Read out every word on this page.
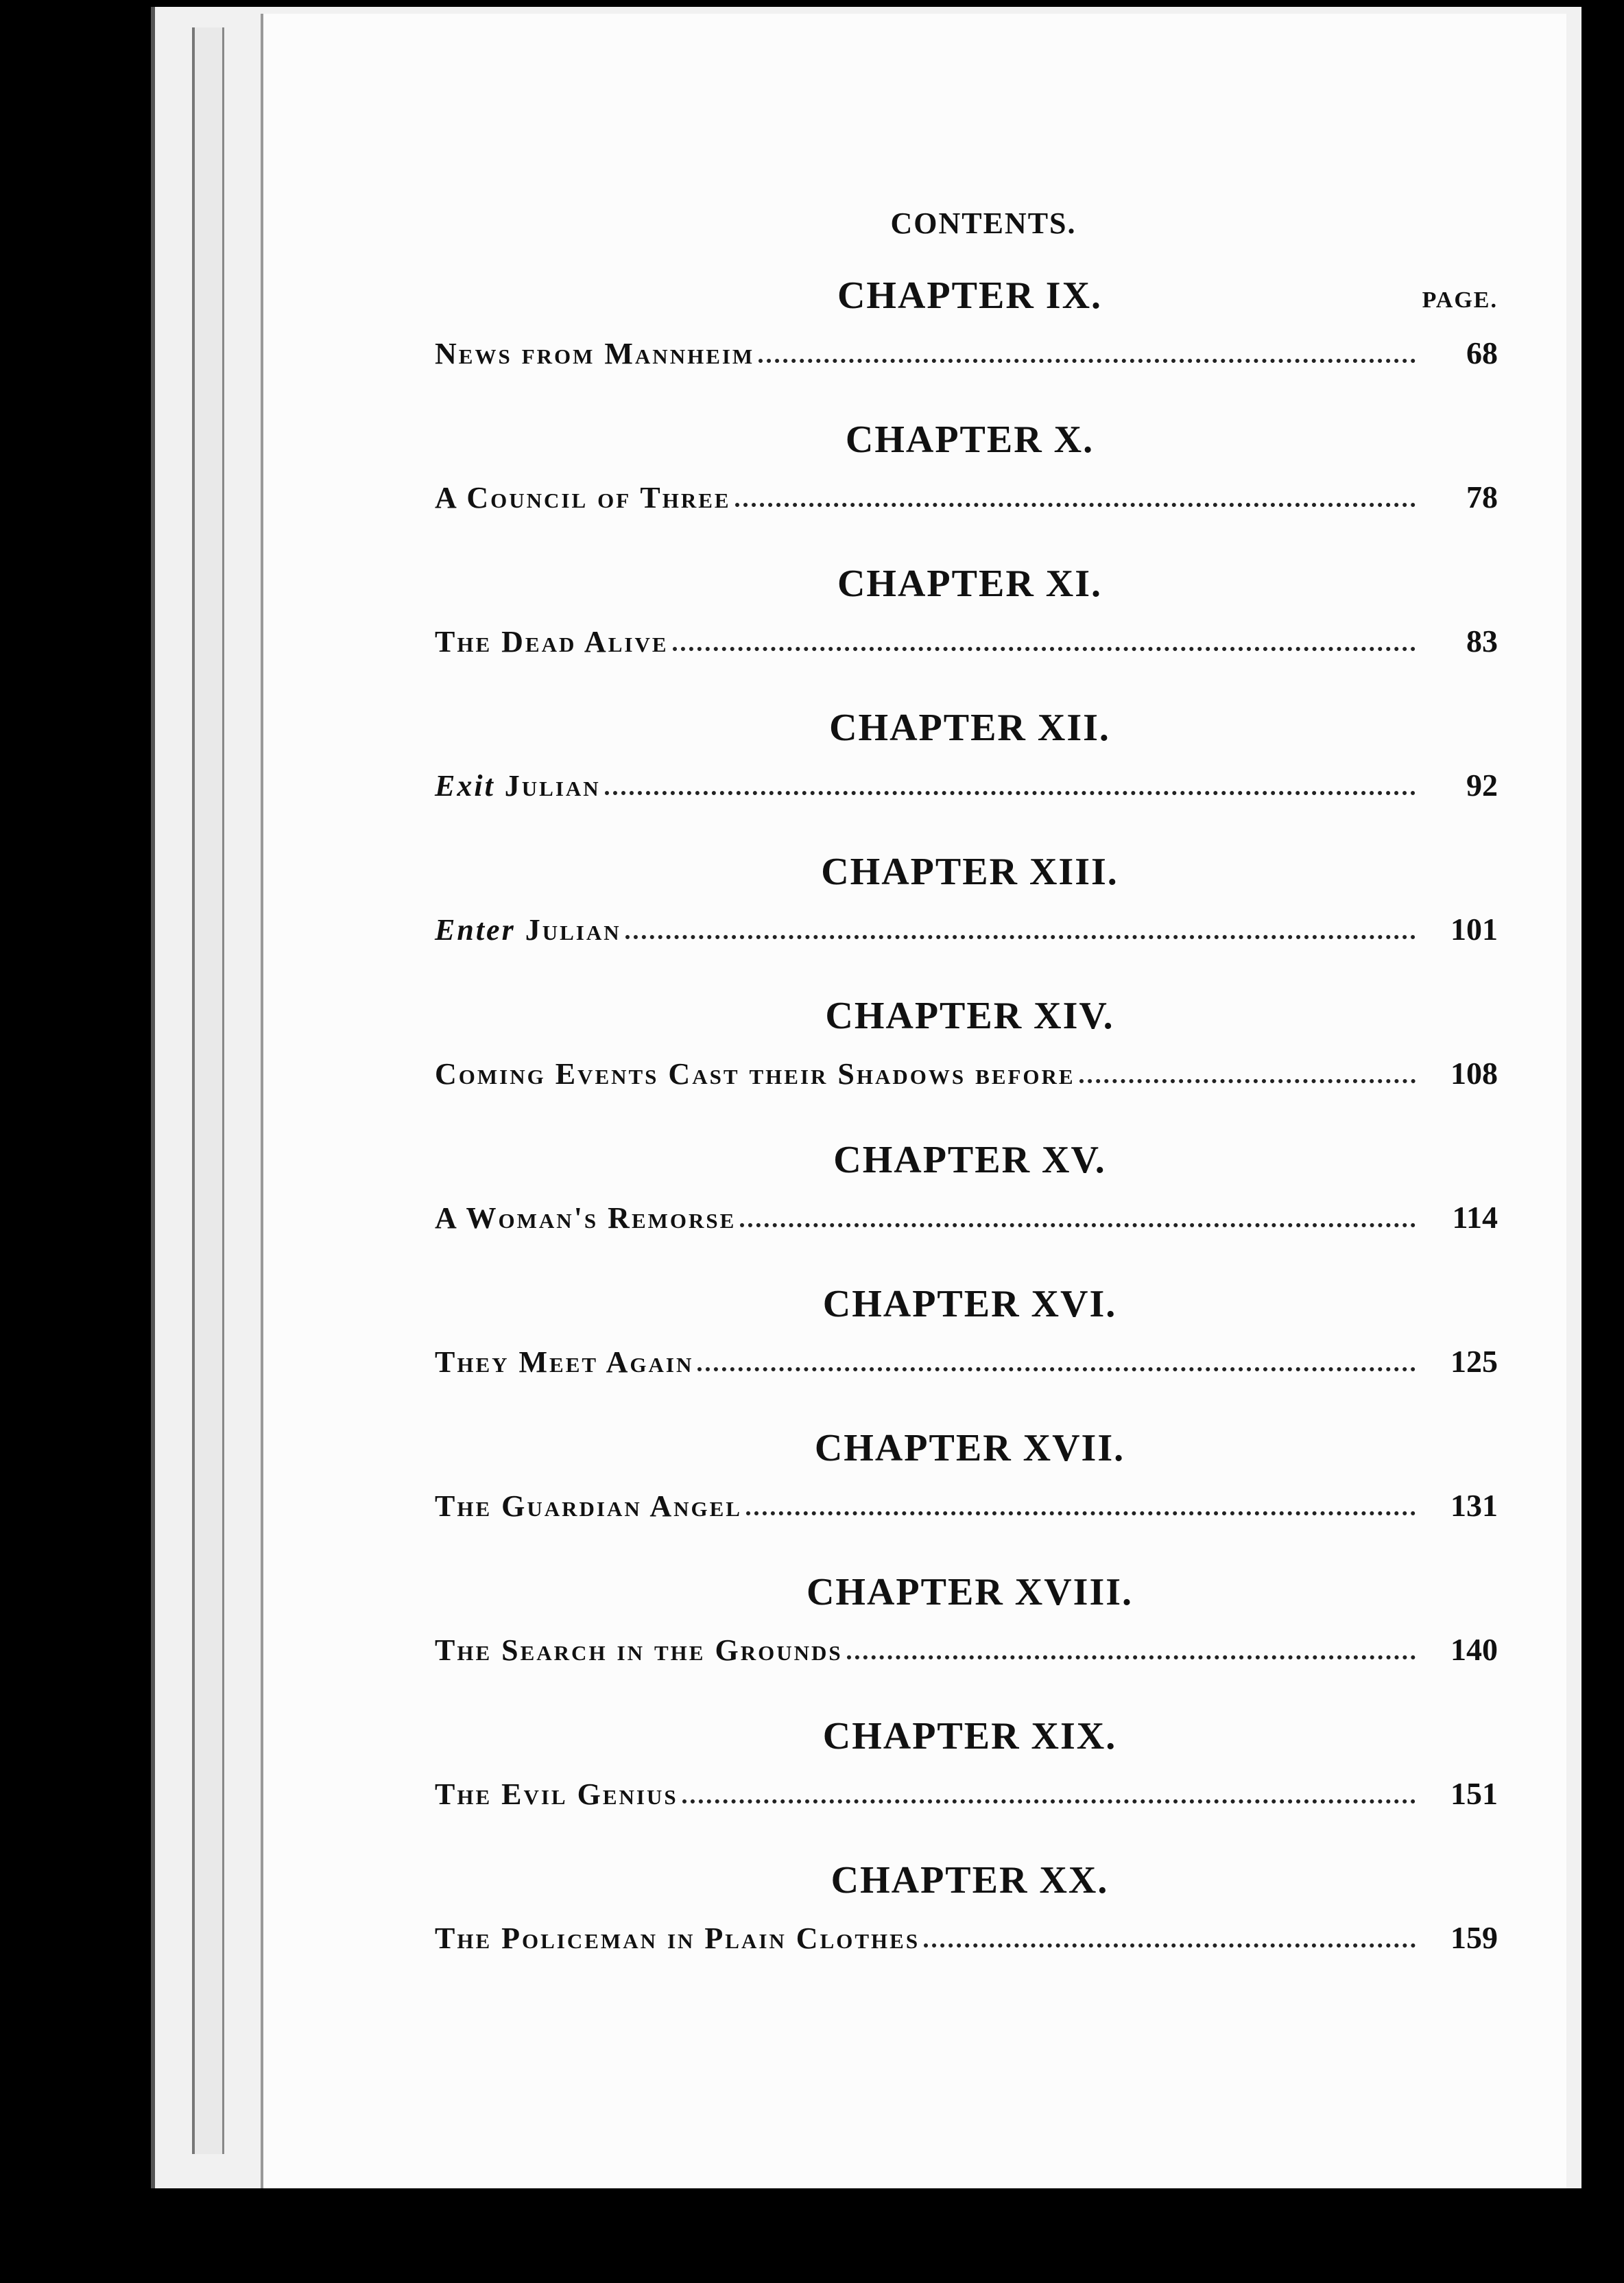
CONTENTS.
CHAPTER IX.	PAGE.
News from Mannheim	68
CHAPTER X.
A Council of Three	78
CHAPTER XI.
The Dead Alive	83
CHAPTER XII.
Exit Julian	92
CHAPTER XIII.
Enter Julian	101
CHAPTER XIV.
Coming Events Cast their Shadows before	108
CHAPTER XV.
A Woman's Remorse	114
CHAPTER XVI.
They Meet Again	125
CHAPTER XVII.
The Guardian Angel	131
CHAPTER XVIII.
The Search in the Grounds	140
CHAPTER XIX.
The Evil Genius	151
CHAPTER XX.
The Policeman in Plain Clothes	159
